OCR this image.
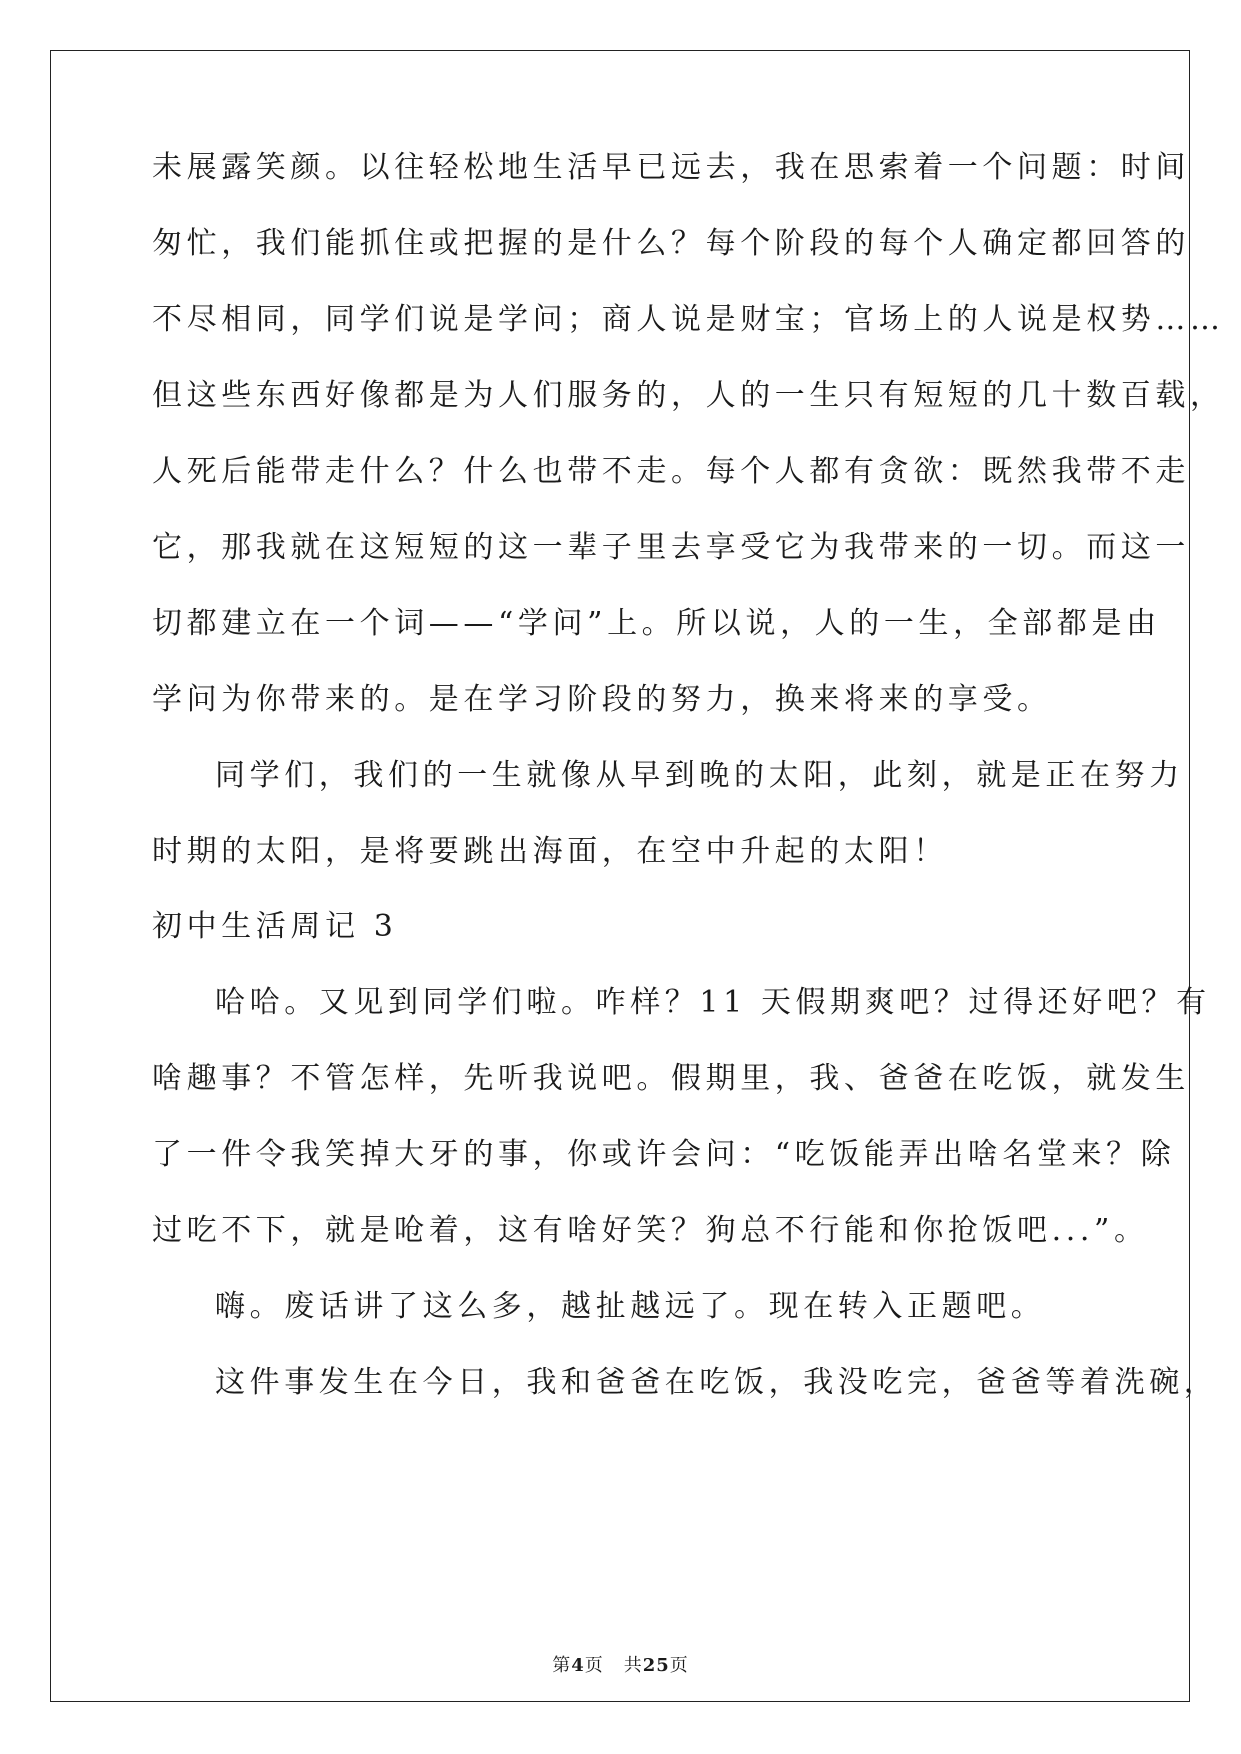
未展露笑颜。以往轻松地生活早已远去，我在思索着一个问题：时间
匆忙，我们能抓住或把握的是什么？每个阶段的每个人确定都回答的
不尽相同，同学们说是学问；商人说是财宝；官场上的人说是权势……
但这些东西好像都是为人们服务的，人的一生只有短短的几十数百载，
人死后能带走什么？什么也带不走。每个人都有贪欲：既然我带不走
它，那我就在这短短的这一辈子里去享受它为我带来的一切。而这一
切都建立在一个词——“学问”上。所以说，人的一生，全部都是由
学问为你带来的。是在学习阶段的努力，换来将来的享受。
同学们，我们的一生就像从早到晚的太阳，此刻，就是正在努力
时期的太阳，是将要跳出海面，在空中升起的太阳！
初中生活周记 3
哈哈。又见到同学们啦。咋样？11 天假期爽吧？过得还好吧？有
啥趣事？不管怎样，先听我说吧。假期里，我、爸爸在吃饭，就发生
了一件令我笑掉大牙的事，你或许会问：“吃饭能弄出啥名堂来？除
过吃不下，就是呛着，这有啥好笑？狗总不行能和你抢饭吧...”。
嗨。废话讲了这么多，越扯越远了。现在转入正题吧。
这件事发生在今日，我和爸爸在吃饭，我没吃完，爸爸等着洗碗，
第4页 共25页
